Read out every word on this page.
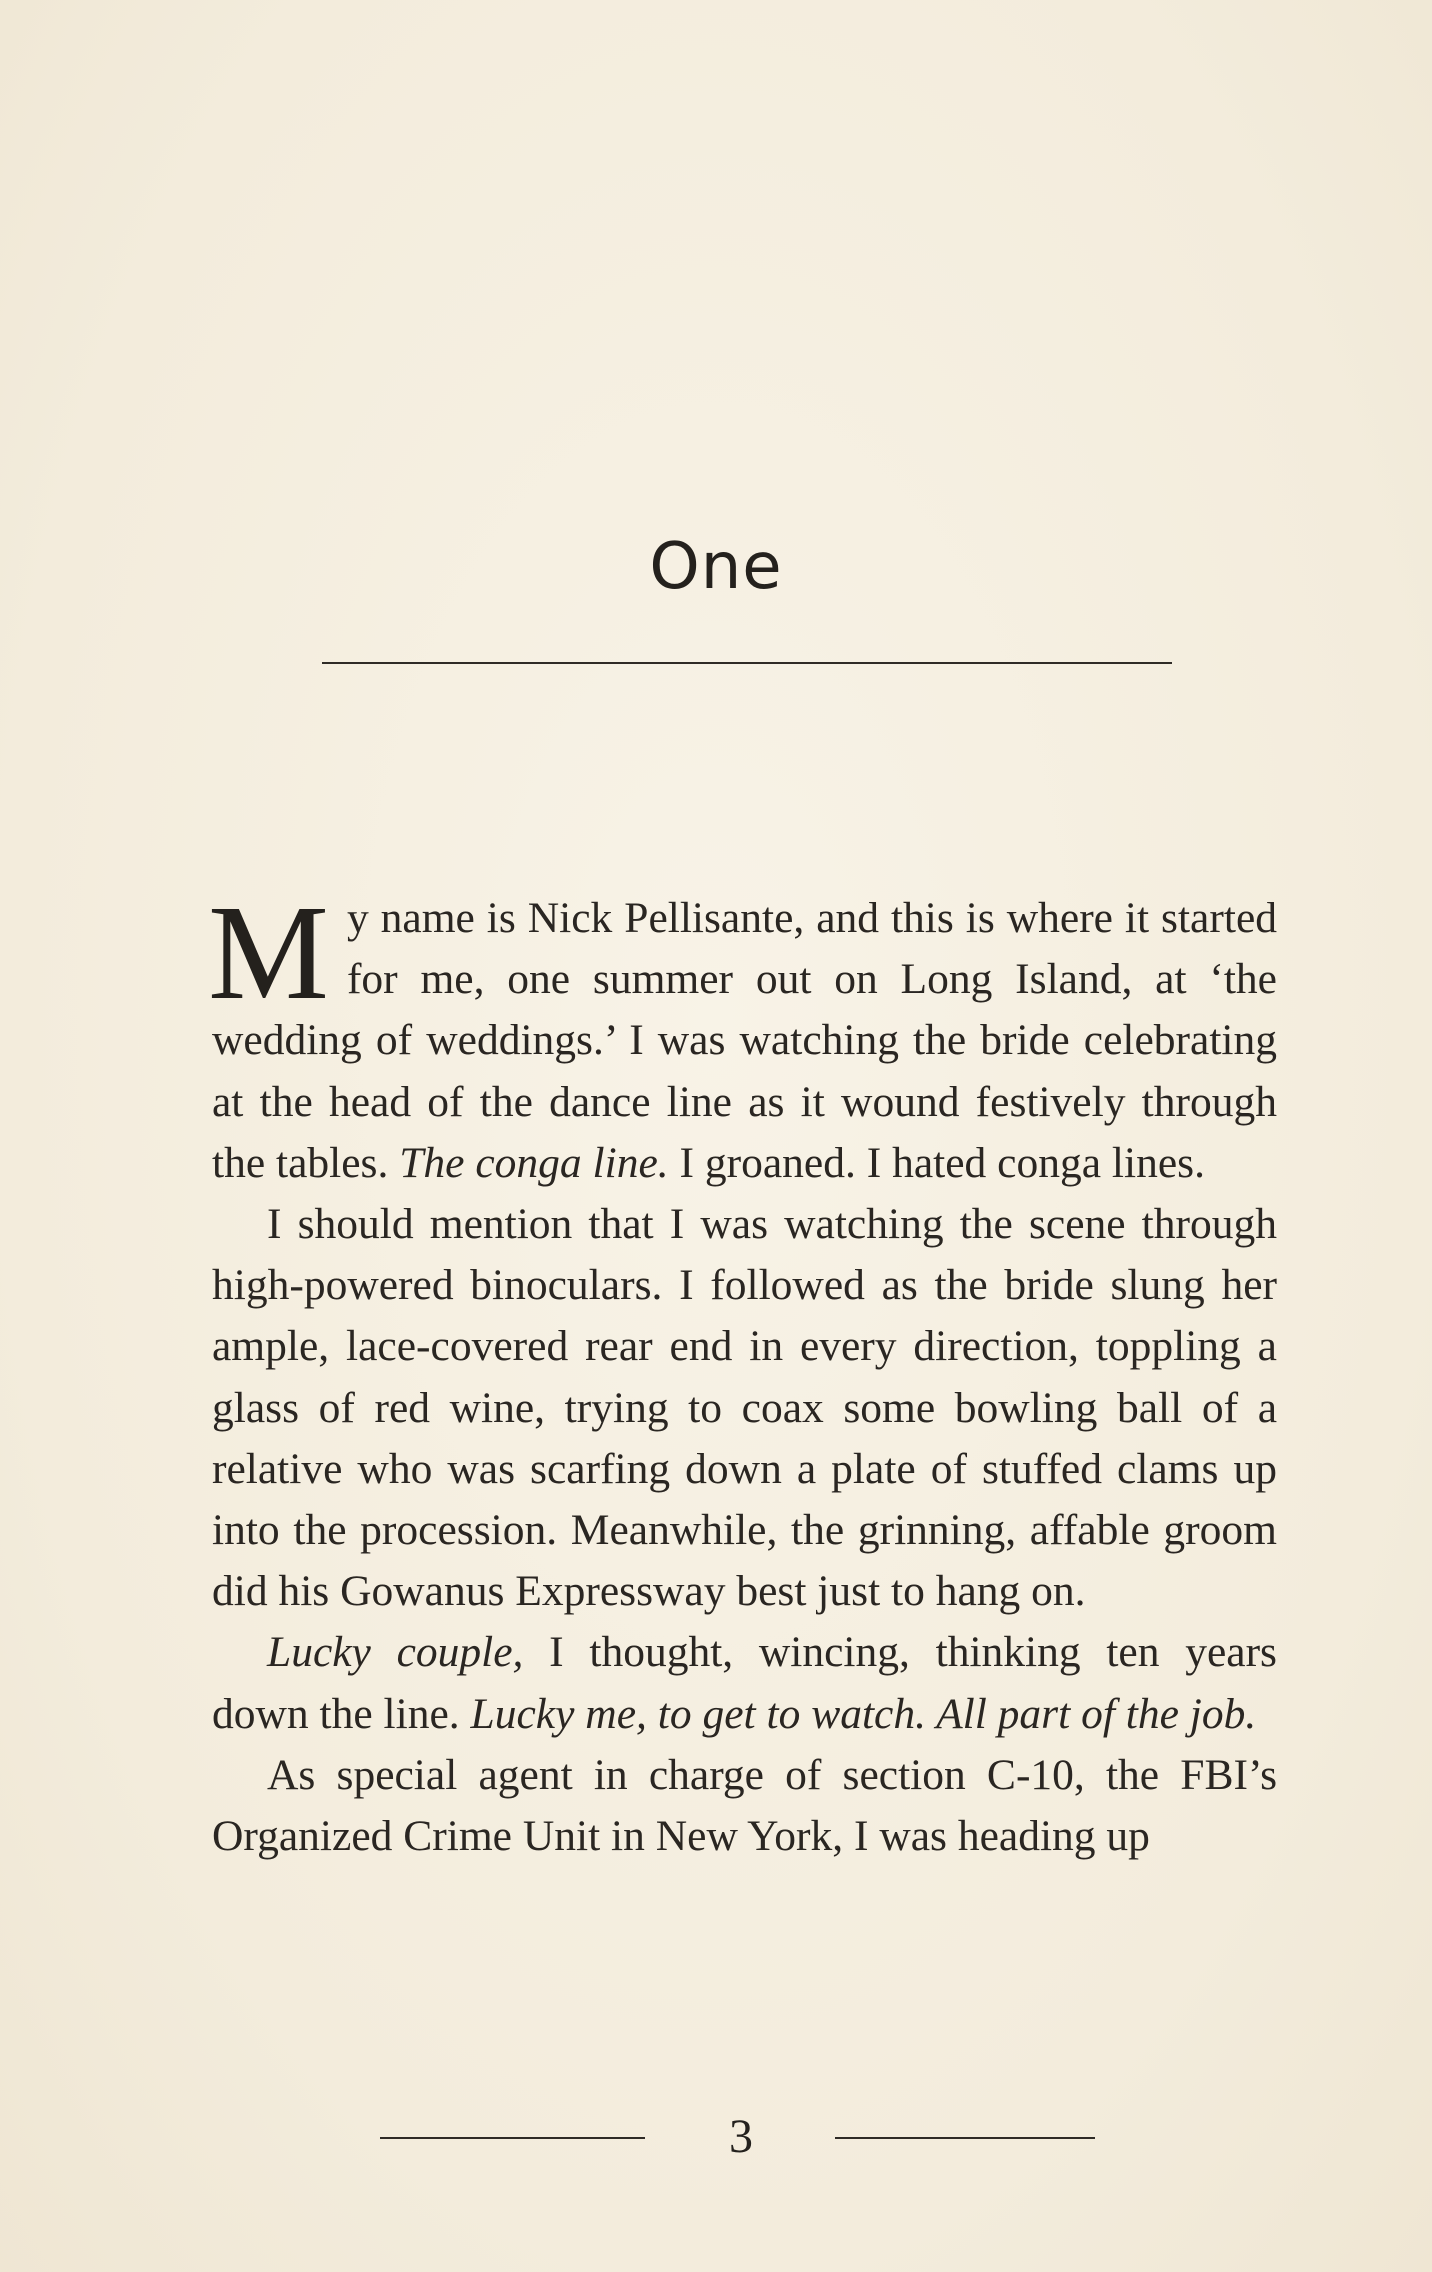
One

My name is Nick Pellisante, and this is where it started for me, one summer out on Long Island, at ‘the wedding of weddings.’ I was watching the bride celebrating at the head of the dance line as it wound festively through the tables. The conga line. I groaned. I hated conga lines.

I should mention that I was watching the scene through high-powered binoculars. I followed as the bride slung her ample, lace-covered rear end in every direction, toppling a glass of red wine, trying to coax some bowling ball of a relative who was scarfing down a plate of stuffed clams up into the procession. Meanwhile, the grinning, affable groom did his Gowanus Expressway best just to hang on.

Lucky couple, I thought, wincing, thinking ten years down the line. Lucky me, to get to watch. All part of the job.

As special agent in charge of section C-10, the FBI’s Organized Crime Unit in New York, I was heading up

3
